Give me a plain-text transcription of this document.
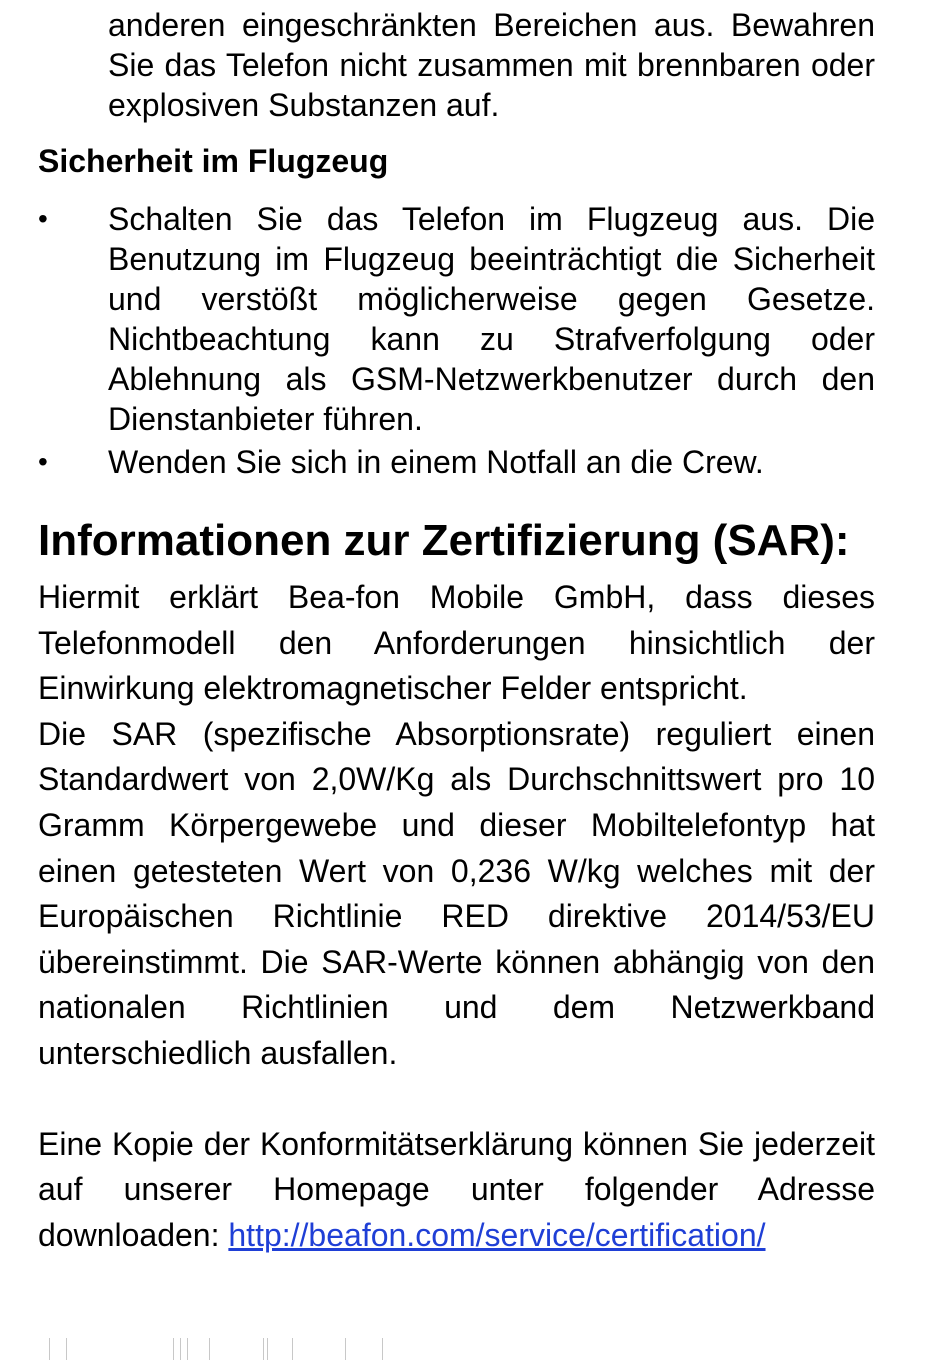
anderen eingeschränkten Bereichen aus. Bewahren Sie das Telefon nicht zusammen mit brennbaren oder explosiven Substanzen auf.
Sicherheit im Flugzeug
•	Schalten Sie das Telefon im Flugzeug aus. Die Benutzung im Flugzeug beeinträchtigt die Sicherheit und verstößt möglicherweise gegen Gesetze. Nichtbeachtung kann zu Strafverfolgung oder Ablehnung als GSM-Netzwerkbenutzer durch den Dienstanbieter führen.
•	Wenden Sie sich in einem Notfall an die Crew.
Informationen zur Zertifizierung (SAR):

Hiermit erklärt Bea-fon Mobile GmbH, dass dieses Telefonmodell den Anforderungen hinsichtlich der Einwirkung elektromagnetischer Felder entspricht.

Die SAR (spezifische Absorptionsrate) reguliert einen Standardwert von 2,0W/Kg als Durchschnittswert pro 10 Gramm Körpergewebe und dieser Mobiltelefontyp hat einen getesteten Wert von 0,236 W/kg welches mit der Europäischen Richtlinie RED direktive 2014/53/EU übereinstimmt. Die SAR-Werte können abhängig von den nationalen Richtlinien und dem Netzwerkband unterschiedlich ausfallen.

Eine Kopie der Konformitätserklärung können Sie jederzeit auf unserer Homepage unter folgender Adresse downloaden: http://beafon.com/service/certification/
